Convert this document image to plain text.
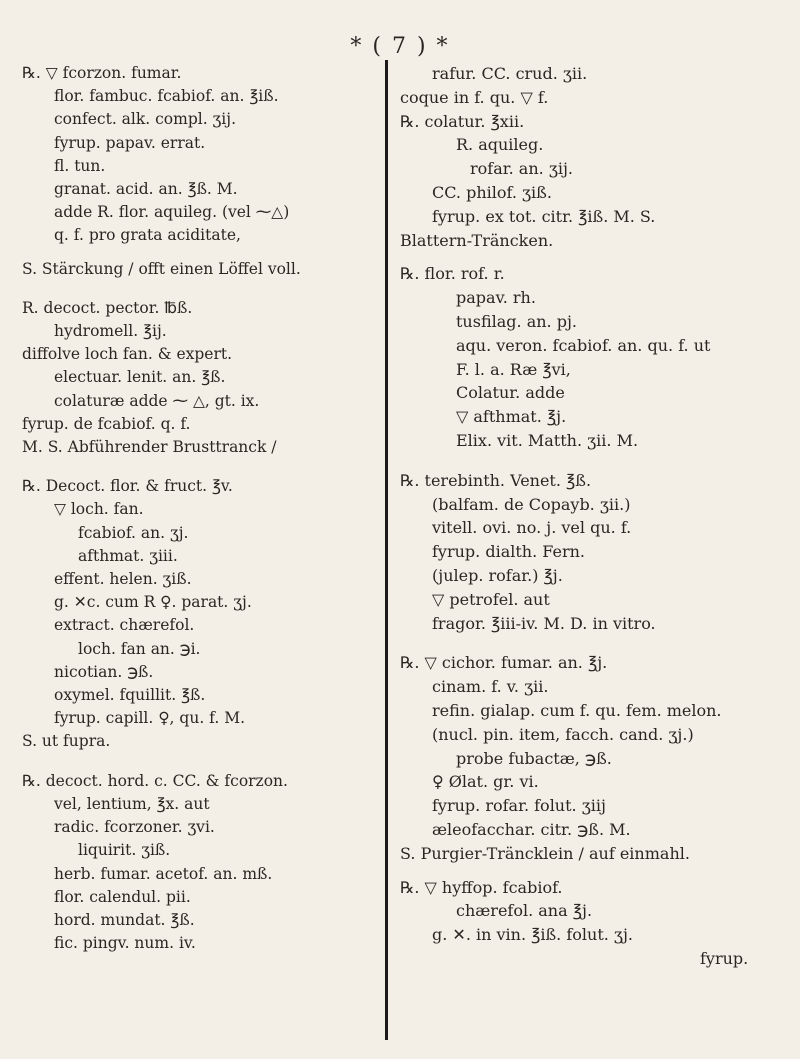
* ( 7 ) *
℞. ▽ fcorzon. fumar.
flor. fambuc. fcabiof. an. ℥iß.
confect. alk. compl. ʒij.
fyrup. papav. errat.
fl. tun.
granat. acid. an. ℥ß. M.
adde R. flor. aquileg. (vel ⁓△)
q. f. pro grata aciditate,
S. Stärckung / offt einen Löffel voll.
R. decoct. pector. ℔ß.
hydromell. ℥ij.
diffolve loch fan. & expert.
electuar. lenit. an. ℥ß.
colaturæ adde ⁓ △, gt. ix.
fyrup. de fcabiof. q. f.
M. S. Abführender Brusttranck /
℞. Decoct. flor. & fruct. ℥v.
▽ loch. fan.
fcabiof. an. ʒj.
afthmat. ʒiii.
effent. helen. ʒiß.
g. ✕c. cum R ♀. parat. ʒj.
extract. chærefol.
loch. fan an. ℈i.
nicotian. ℈ß.
oxymel. fquillit. ℥ß.
fyrup. capill. ♀, qu. f. M.
S. ut fupra.
℞. decoct. hord. c. CC. & fcorzon.
vel, lentium, ℥x. aut
radic. fcorzoner. ʒvi.
liquirit. ʒiß.
herb. fumar. acetof. an. mß.
flor. calendul. pii.
hord. mundat. ℥ß.
fic. pingv. num. iv.
rafur. CC. crud. ʒii.
coque in f. qu. ▽ f.
℞. colatur. ℥xii.
R. aquileg.
rofar. an. ʒij.
CC. philof. ʒiß.
fyrup. ex tot. citr. ℥iß. M. S.
Blattern-Träncken.
℞. flor. rof. r.
papav. rh.
tusfilag. an. pj.
aqu. veron. fcabiof. an. qu. f. ut
F. l. a. Ræ ℥vi,
Colatur. adde
▽ afthmat. ℥j.
Elix. vit. Matth. ʒii. M.
℞. terebinth. Venet. ℥ß.
(balfam. de Copayb. ʒii.)
vitell. ovi. no. j. vel qu. f.
fyrup. dialth. Fern.
(julep. rofar.) ℥j.
▽ petrofel. aut
fragor. ℥iii-iv. M. D. in vitro.
℞. ▽ cichor. fumar. an. ℥j.
cinam. f. v. ʒii.
refin. gialap. cum f. qu. fem. melon.
(nucl. pin. item, facch. cand. ʒj.)
probe fubactæ, ℈ß.
♀ Ølat. gr. vi.
fyrup. rofar. folut. ʒiij
æleofacchar. citr. ℈ß. M.
S. Purgier-Träncklein / auf einmahl.
℞. ▽ hyffop. fcabiof.
chærefol. ana ℥j.
g. ✕. in vin. ℥iß. folut. ʒj.
fyrup.
